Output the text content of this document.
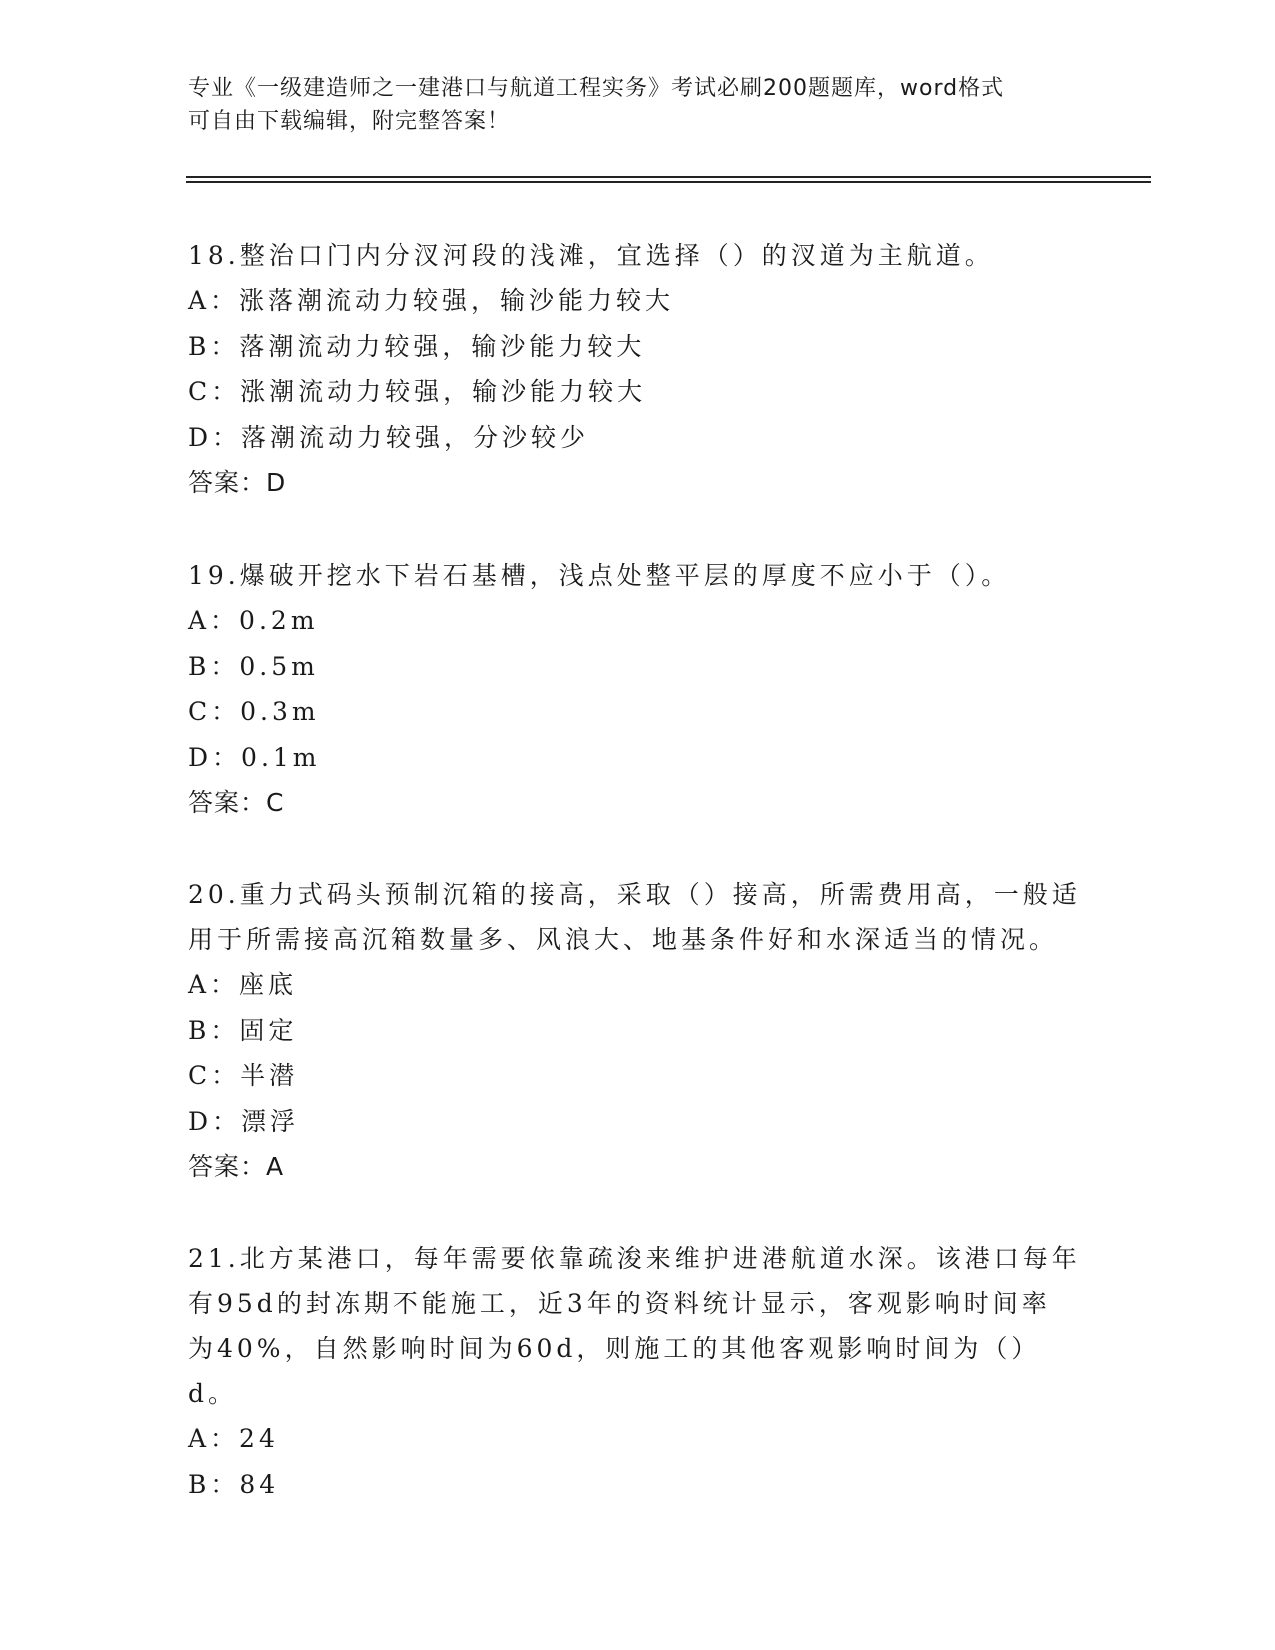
专业《一级建造师之一建港口与航道工程实务》考试必刷200题题库，word格式
可自由下载编辑，附完整答案！

18.整治口门内分汊河段的浅滩，宜选择（）的汊道为主航道。

A：涨落潮流动力较强，输沙能力较大

B：落潮流动力较强，输沙能力较大

C：涨潮流动力较强，输沙能力较大

D：落潮流动力较强，分沙较少

答案：D

19.爆破开挖水下岩石基槽，浅点处整平层的厚度不应小于（）。

A：0.2m

B：0.5m

C：0.3m

D：0.1m

答案：C

20.重力式码头预制沉箱的接高，采取（）接高，所需费用高，一般适

用于所需接高沉箱数量多、风浪大、地基条件好和水深适当的情况。

A：座底

B：固定

C：半潜

D：漂浮

答案：A

21.北方某港口，每年需要依靠疏浚来维护进港航道水深。该港口每年

有95d的封冻期不能施工，近3年的资料统计显示，客观影响时间率

为40%，自然影响时间为60d，则施工的其他客观影响时间为（）d。

A：24

B：84
